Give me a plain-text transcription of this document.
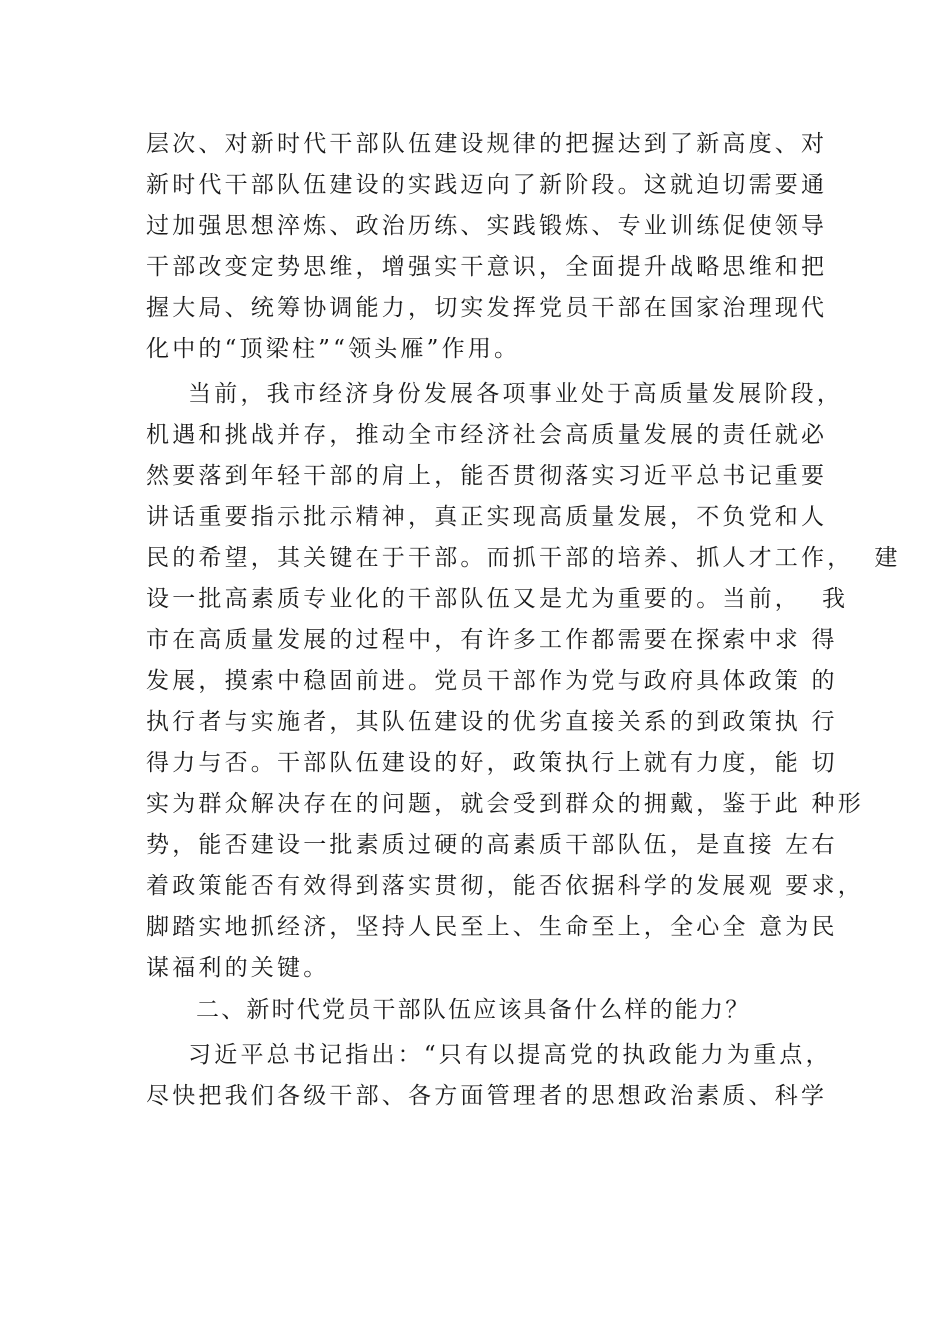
层次、对新时代干部队伍建设规律的把握达到了新高度、对
新时代干部队伍建设的实践迈向了新阶段。这就迫切需要通
过加强思想淬炼、政治历练、实践锻炼、专业训练促使领导
干部改变定势思维，增强实干意识，全面提升战略思维和把
握大局、统筹协调能力，切实发挥党员干部在国家治理现代
化中的“顶梁柱”“领头雁”作用。
当前，我市经济身份发展各项事业处于高质量发展阶段，
机遇和挑战并存，推动全市经济社会高质量发展的责任就必
然要落到年轻干部的肩上，能否贯彻落实习近平总书记重要
讲话重要指示批示精神，真正实现高质量发展，不负党和人
民的希望，其关键在于干部。而抓干部的培养、抓人才工作，  建
设一批高素质专业化的干部队伍又是尤为重要的。当前，  我
市在高质量发展的过程中，有许多工作都需要在探索中求 得
发展，摸索中稳固前进。党员干部作为党与政府具体政策 的
执行者与实施者，其队伍建设的优劣直接关系的到政策执 行
得力与否。干部队伍建设的好，政策执行上就有力度，能 切
实为群众解决存在的问题，就会受到群众的拥戴，鉴于此 种形
势，能否建设一批素质过硬的高素质干部队伍，是直接 左右
着政策能否有效得到落实贯彻，能否依据科学的发展观 要求，
脚踏实地抓经济，坚持人民至上、生命至上，全心全 意为民
谋福利的关键。
二、新时代党员干部队伍应该具备什么样的能力？
习近平总书记指出：“只有以提高党的执政能力为重点，
尽快把我们各级干部、各方面管理者的思想政治素质、科学
